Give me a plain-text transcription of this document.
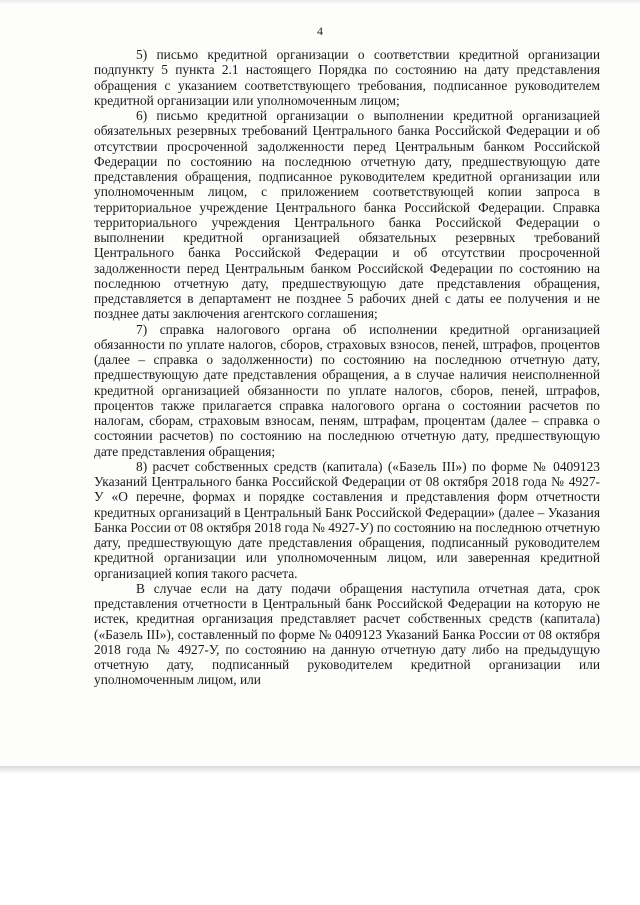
4

5) письмо кредитной организации о соответствии кредитной организации подпункту 5 пункта 2.1 настоящего Порядка по состоянию на дату представления обращения с указанием соответствующего требования, подписанное руководителем кредитной организации или уполномоченным лицом;

6) письмо кредитной организации о выполнении кредитной организацией обязательных резервных требований Центрального банка Российской Федерации и об отсутствии просроченной задолженности перед Центральным банком Российской Федерации по состоянию на последнюю отчетную дату, предшествующую дате представления обращения, подписанное руководителем кредитной организации или уполномоченным лицом, с приложением соответствующей копии запроса в территориальное учреждение Центрального банка Российской Федерации. Справка территориального учреждения Центрального банка Российской Федерации о выполнении кредитной организацией обязательных резервных требований Центрального банка Российской Федерации и об отсутствии просроченной задолженности перед Центральным банком Российской Федерации по состоянию на последнюю отчетную дату, предшествующую дате представления обращения, представляется в департамент не позднее 5 рабочих дней с даты ее получения и не позднее даты заключения агентского соглашения;

7) справка налогового органа об исполнении кредитной организацией обязанности по уплате налогов, сборов, страховых взносов, пеней, штрафов, процентов (далее – справка о задолженности) по состоянию на последнюю отчетную дату, предшествующую дате представления обращения, а в случае наличия неисполненной кредитной организацией обязанности по уплате налогов, сборов, пеней, штрафов, процентов также прилагается справка налогового органа о состоянии расчетов по налогам, сборам, страховым взносам, пеням, штрафам, процентам (далее – справка о состоянии расчетов) по состоянию на последнюю отчетную дату, предшествующую дате представления обращения;

8) расчет собственных средств (капитала) («Базель III») по форме № 0409123 Указаний Центрального банка Российской Федерации от 08 октября 2018 года № 4927-У «О перечне, формах и порядке составления и представления форм отчетности кредитных организаций в Центральный Банк Российской Федерации» (далее – Указания Банка России от 08 октября 2018 года № 4927-У) по состоянию на последнюю отчетную дату, предшествующую дате представления обращения, подписанный руководителем кредитной организации или уполномоченным лицом, или заверенная кредитной организацией копия такого расчета.

В случае если на дату подачи обращения наступила отчетная дата, срок представления отчетности в Центральный банк Российской Федерации на которую не истек, кредитная организация представляет расчет собственных средств (капитала) («Базель III»), составленный по форме № 0409123 Указаний Банка России от 08 октября 2018 года № 4927-У, по состоянию на данную отчетную дату либо на предыдущую отчетную дату, подписанный руководителем кредитной организации или уполномоченным лицом, или
